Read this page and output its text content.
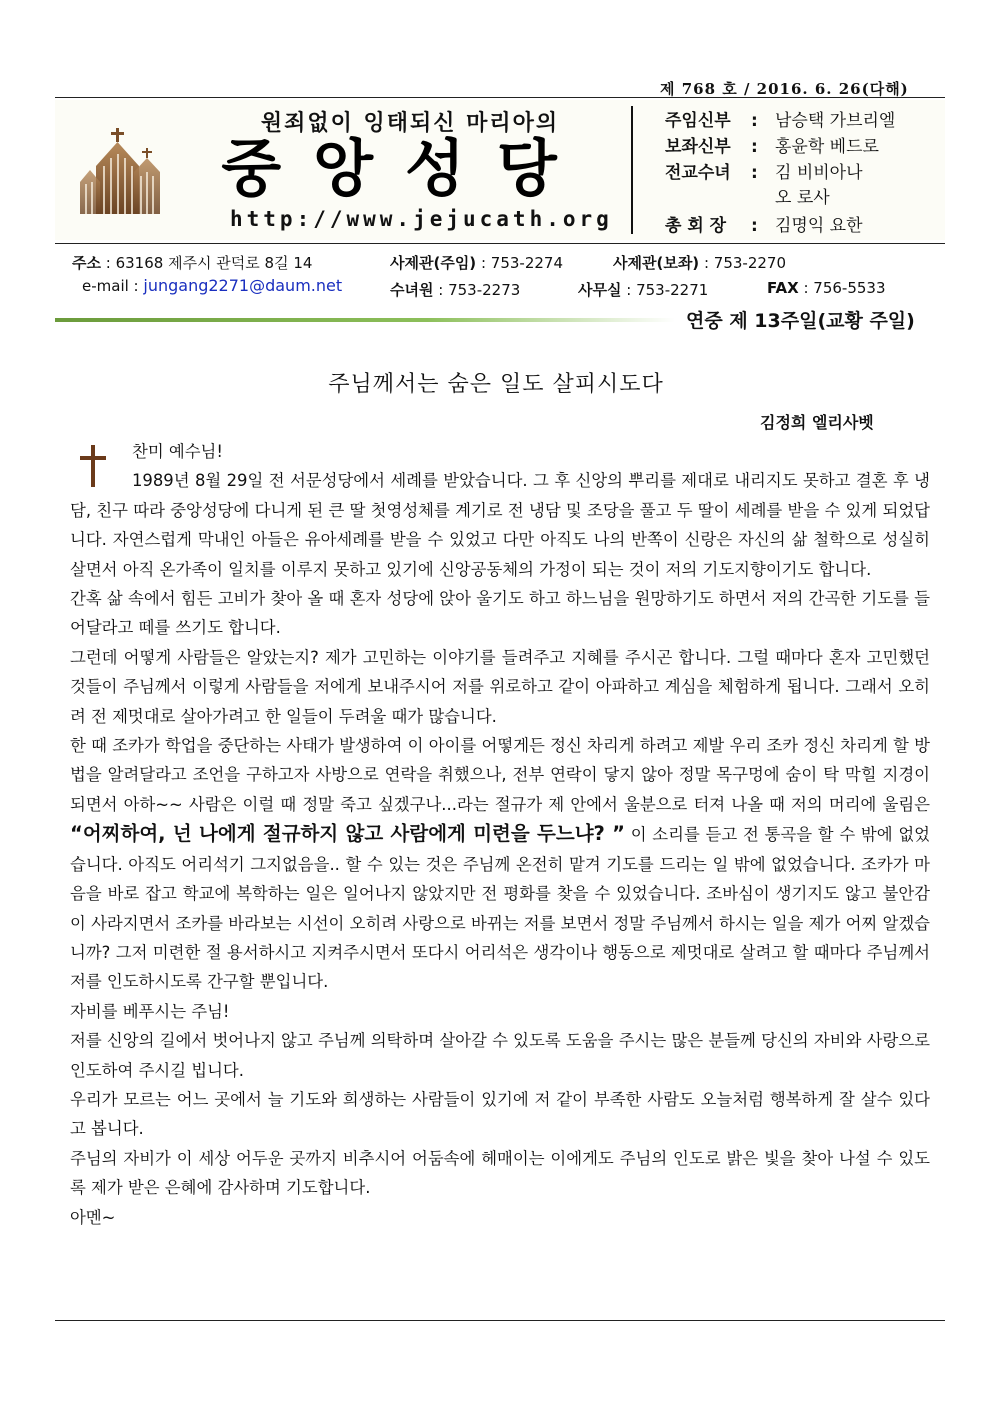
제 768 호 / 2016. 6. 26(다해)
원죄없이 잉태되신 마리아의
중앙성당
http://www.jejucath.org
주임신부 : 남승택 가브리엘
보좌신부 : 홍윤학 베드로
전교수녀 : 김 비비아나
오 로사
총 회 장 : 김명익 요한
주소 : 63168 제주시 관덕로 8길 14	사제관(주임) : 753-2274	사제관(보좌) : 753-2270
e-mail : jungang2271@daum.net	수녀원 : 753-2273	사무실 : 753-2271	FAX : 756-5533
연중 제 13주일(교황 주일)
주님께서는 숨은 일도 살피시도다
김정희 엘리사벳

찬미 예수님!

1989년 8월 29일 전 서문성당에서 세례를 받았습니다. 그 후 신앙의 뿌리를 제대로 내리지도 못하고 결혼 후 냉담, 친구 따라 중앙성당에 다니게 된 큰 딸 첫영성체를 계기로 전 냉담 및 조당을 풀고 두 딸이 세례를 받을 수 있게 되었답니다. 자연스럽게 막내인 아들은 유아세례를 받을 수 있었고 다만 아직도 나의 반쪽이 신랑은 자신의 삶 철학으로 성실히 살면서 아직 온가족이 일치를 이루지 못하고 있기에 신앙공동체의 가정이 되는 것이 저의 기도지향이기도 합니다.

간혹 삶 속에서 힘든 고비가 찾아 올 때 혼자 성당에 앉아 울기도 하고 하느님을 원망하기도 하면서 저의 간곡한 기도를 들어달라고 떼를 쓰기도 합니다.

그런데 어떻게 사람들은 알았는지? 제가 고민하는 이야기를 들려주고 지혜를 주시곤 합니다. 그럴 때마다 혼자 고민했던 것들이 주님께서 이렇게 사람들을 저에게 보내주시어 저를 위로하고 같이 아파하고 계심을 체험하게 됩니다. 그래서 오히려 전 제멋대로 살아가려고 한 일들이 두려울 때가 많습니다.

한 때 조카가 학업을 중단하는 사태가 발생하여 이 아이를 어떻게든 정신 차리게 하려고 제발 우리 조카 정신 차리게 할 방법을 알려달라고 조언을 구하고자 사방으로 연락을 취했으나, 전부 연락이 닿지 않아 정말 목구멍에 숨이 탁 막힐 지경이 되면서 아하~~ 사람은 이럴 때 정말 죽고 싶겠구나...라는 절규가 제 안에서 울분으로 터져 나올 때 저의 머리에 울림은 “어찌하여, 넌 나에게 절규하지 않고 사람에게 미련을 두느냐? ” 이 소리를 듣고 전 통곡을 할 수 밖에 없었습니다. 아직도 어리석기 그지없음을.. 할 수 있는 것은 주님께 온전히 맡겨 기도를 드리는 일 밖에 없었습니다. 조카가 마음을 바로 잡고 학교에 복학하는 일은 일어나지 않았지만 전 평화를 찾을 수 있었습니다. 조바심이 생기지도 않고 불안감이 사라지면서 조카를 바라보는 시선이 오히려 사랑으로 바뀌는 저를 보면서 정말 주님께서 하시는 일을 제가 어찌 알겠습니까? 그저 미련한 절 용서하시고 지켜주시면서 또다시 어리석은 생각이나 행동으로 제멋대로 살려고 할 때마다 주님께서 저를 인도하시도록 간구할 뿐입니다.

자비를 베푸시는 주님!

저를 신앙의 길에서 벗어나지 않고 주님께 의탁하며 살아갈 수 있도록 도움을 주시는 많은 분들께 당신의 자비와 사랑으로 인도하여 주시길 빕니다.

우리가 모르는 어느 곳에서 늘 기도와 희생하는 사람들이 있기에 저 같이 부족한 사람도 오늘처럼 행복하게 잘 살수 있다고 봅니다.

주님의 자비가 이 세상 어두운 곳까지 비추시어 어둠속에 헤매이는 이에게도 주님의 인도로 밝은 빛을 찾아 나설 수 있도록 제가 받은 은혜에 감사하며 기도합니다.

아멘~
